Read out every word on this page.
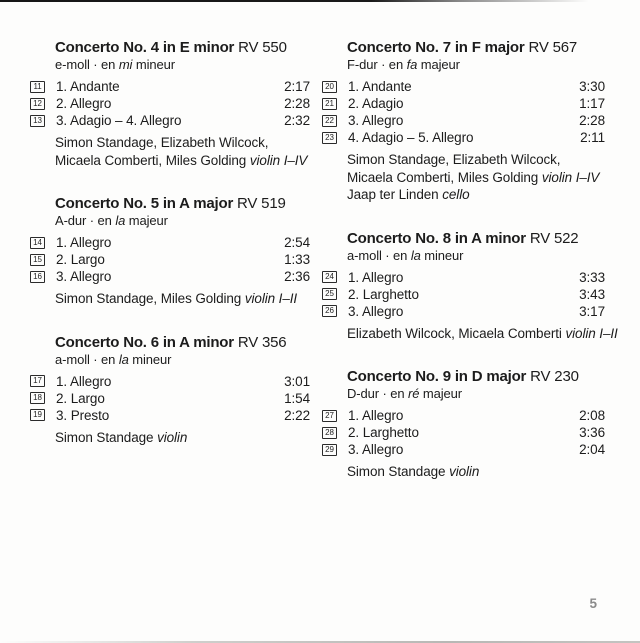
Concerto No. 4 in E minor RV 550

e-moll · en mi mineur

11 1. Andante	2:17
12 2. Allegro	2:28
13 3. Adagio – 4. Allegro	2:32

Simon Standage, Elizabeth Wilcock,
Micaela Comberti, Miles Golding violin I–IV

Concerto No. 5 in A major RV 519

A-dur · en la majeur

14 1. Allegro	2:54
15 2. Largo	1:33
16 3. Allegro	2:36

Simon Standage, Miles Golding violin I–II

Concerto No. 6 in A minor RV 356

a-moll · en la mineur

17 1. Allegro	3:01
18 2. Largo	1:54
19 3. Presto	2:22

Simon Standage violin

Concerto No. 7 in F major RV 567

F-dur · en fa majeur

20 1. Andante	3:30
21 2. Adagio	1:17
22 3. Allegro	2:28
23 4. Adagio – 5. Allegro	2:11

Simon Standage, Elizabeth Wilcock,
Micaela Comberti, Miles Golding violin I–IV
Jaap ter Linden cello

Concerto No. 8 in A minor RV 522

a-moll · en la mineur

24 1. Allegro	3:33
25 2. Larghetto	3:43
26 3. Allegro	3:17

Elizabeth Wilcock, Micaela Comberti violin I–II

Concerto No. 9 in D major RV 230

D-dur · en ré majeur

27 1. Allegro	2:08
28 2. Larghetto	3:36
29 3. Allegro	2:04

Simon Standage violin

5
